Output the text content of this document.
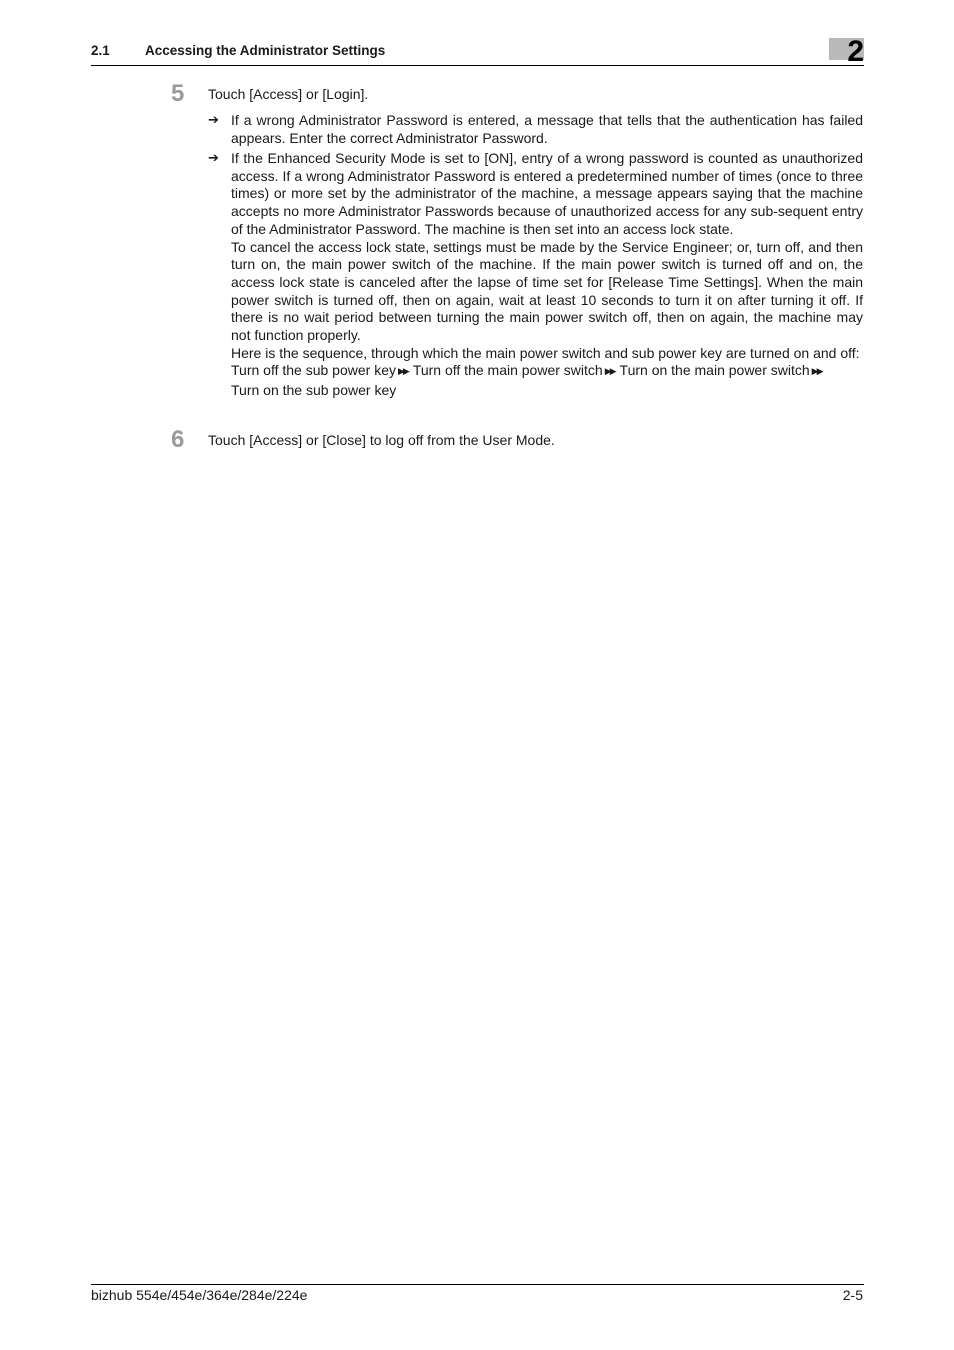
2.1	Accessing the Administrator Settings	2
5 Touch [Access] or [Login].
➔ If a wrong Administrator Password is entered, a message that tells that the authentication has failed appears. Enter the correct Administrator Password.

➔ If the Enhanced Security Mode is set to [ON], entry of a wrong password is counted as unauthorized access. If a wrong Administrator Password is entered a predetermined number of times (once to three times) or more set by the administrator of the machine, a message appears saying that the machine accepts no more Administrator Passwords because of unauthorized access for any sub-sequent entry of the Administrator Password. The machine is then set into an access lock state.

To cancel the access lock state, settings must be made by the Service Engineer; or, turn off, and then turn on, the main power switch of the machine. If the main power switch is turned off and on, the access lock state is canceled after the lapse of time set for [Release Time Settings]. When the main power switch is turned off, then on again, wait at least 10 seconds to turn it on after turning it off. If there is no wait period between turning the main power switch off, then on again, the machine may not function properly.

Here is the sequence, through which the main power switch and sub power key are turned on and off:

Turn off the sub power key ▶▶ Turn off the main power switch ▶▶ Turn on the main power switch ▶▶
Turn on the sub power key

6 Touch [Access] or [Close] to log off from the User Mode.
bizhub 554e/454e/364e/284e/224e	2-5
